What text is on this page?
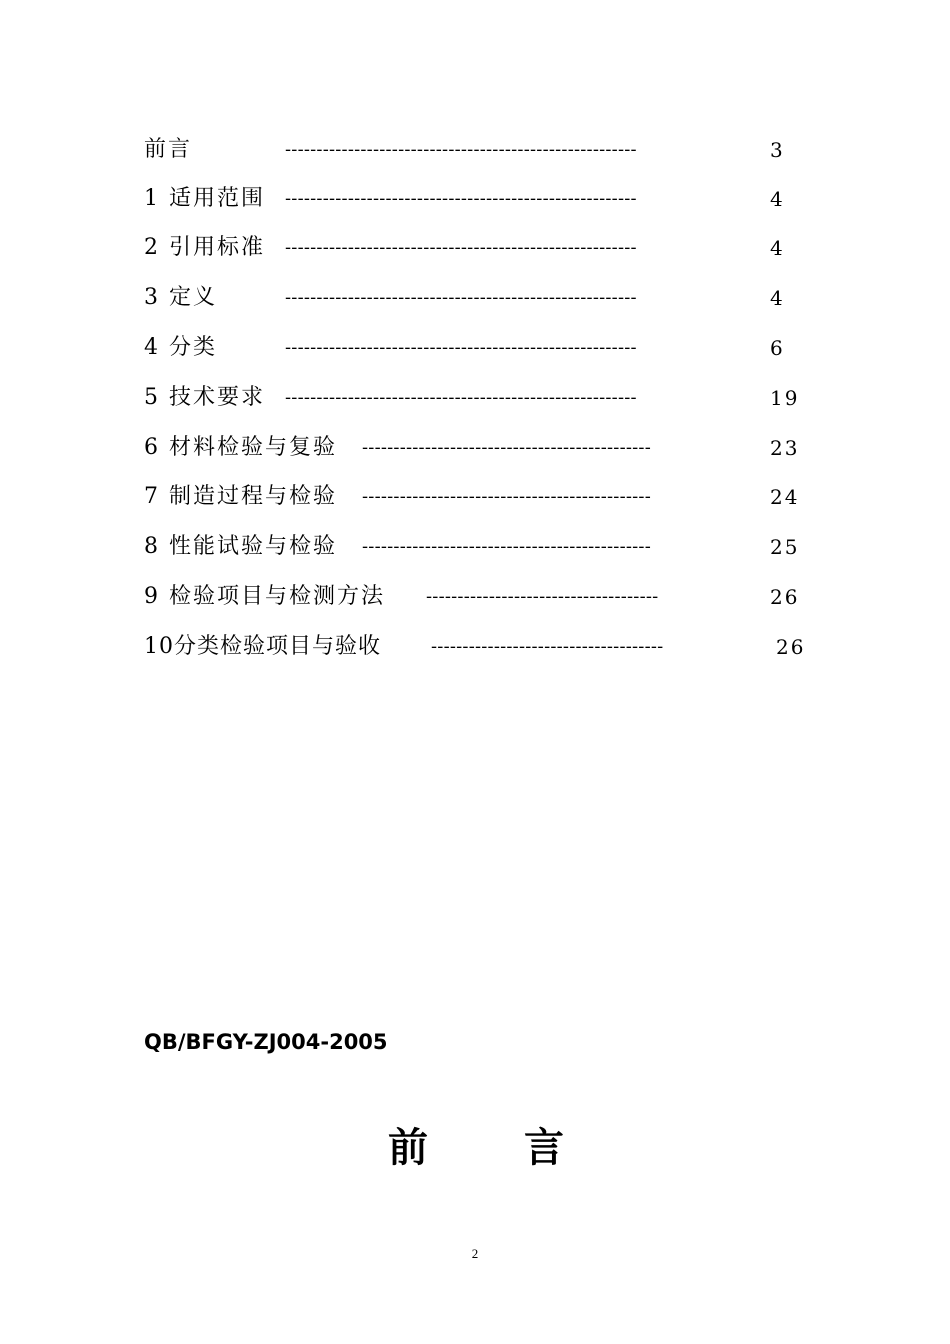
前言	--------------------------------------------------------	3
1 适用范围 --------------------------------------------------------	4
2 引用标准 --------------------------------------------------------	4
3 定义	--------------------------------------------------------	4
4 分类	--------------------------------------------------------	6
5 技术要求 --------------------------------------------------------	19
6 材料检验与复验 ----------------------------------------------	23
7 制造过程与检验 ----------------------------------------------	24
8 性能试验与检验 ----------------------------------------------	25
9 检验项目与检测方法 -------------------------------------	26
10分类检验项目与验收	-------------------------------------	26
QB/BFGY-ZJ004-2005
前 言
2
